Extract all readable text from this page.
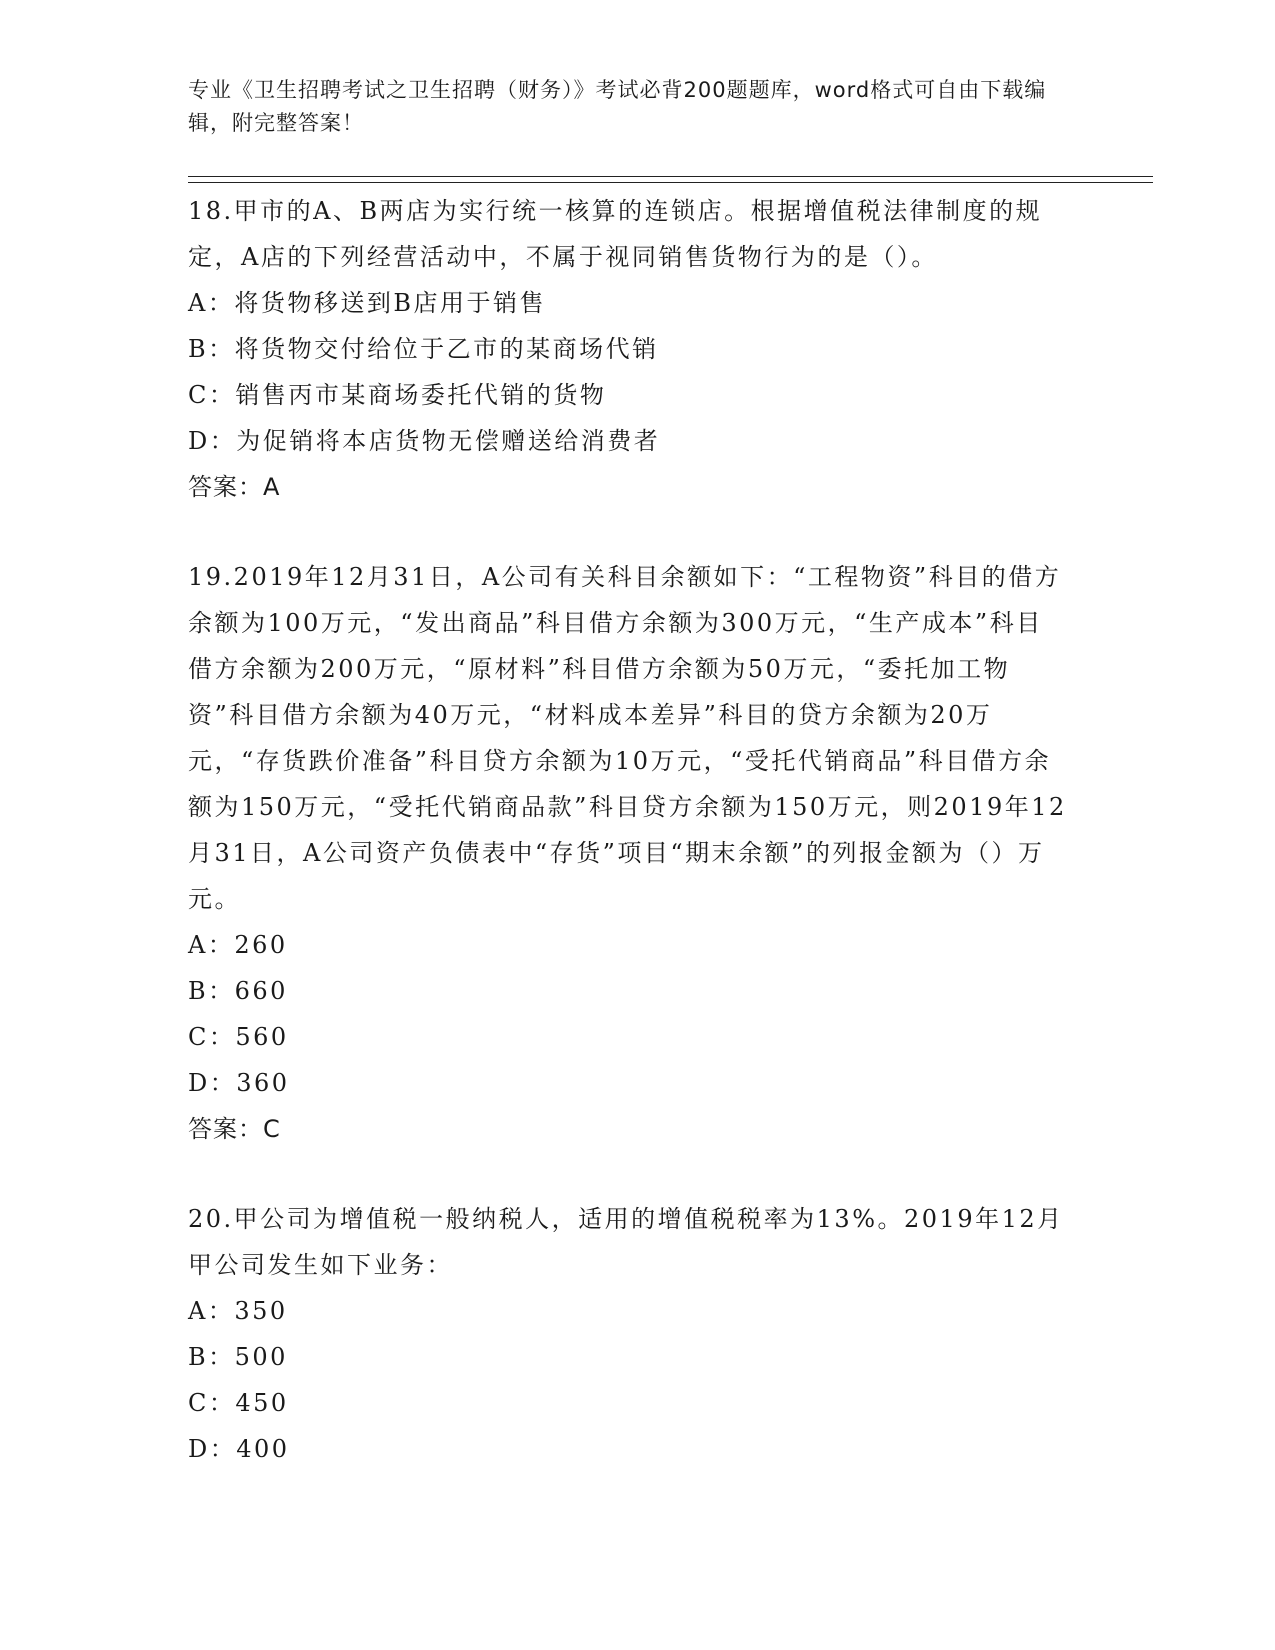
专业《卫生招聘考试之卫生招聘（财务）》考试必背200题题库，word格式可自由下载编辑，附完整答案！

18.甲市的A、B两店为实行统一核算的连锁店。根据增值税法律制度的规定，A店的下列经营活动中，不属于视同销售货物行为的是（）。

A：将货物移送到B店用于销售

B：将货物交付给位于乙市的某商场代销

C：销售丙市某商场委托代销的货物

D：为促销将本店货物无偿赠送给消费者

答案：A

19.2019年12月31日，A公司有关科目余额如下：“工程物资”科目的借方余额为100万元，“发出商品”科目借方余额为300万元，“生产成本”科目借方余额为200万元，“原材料”科目借方余额为50万元，“委托加工物资”科目借方余额为40万元，“材料成本差异”科目的贷方余额为20万元，“存货跌价准备”科目贷方余额为10万元，“受托代销商品”科目借方余额为150万元，“受托代销商品款”科目贷方余额为150万元，则2019年12月31日，A公司资产负债表中“存货”项目“期末余额”的列报金额为（）万元。

A：260

B：660

C：560

D：360

答案：C

20.甲公司为增值税一般纳税人，适用的增值税税率为13%。2019年12月甲公司发生如下业务：

A：350

B：500

C：450

D：400
